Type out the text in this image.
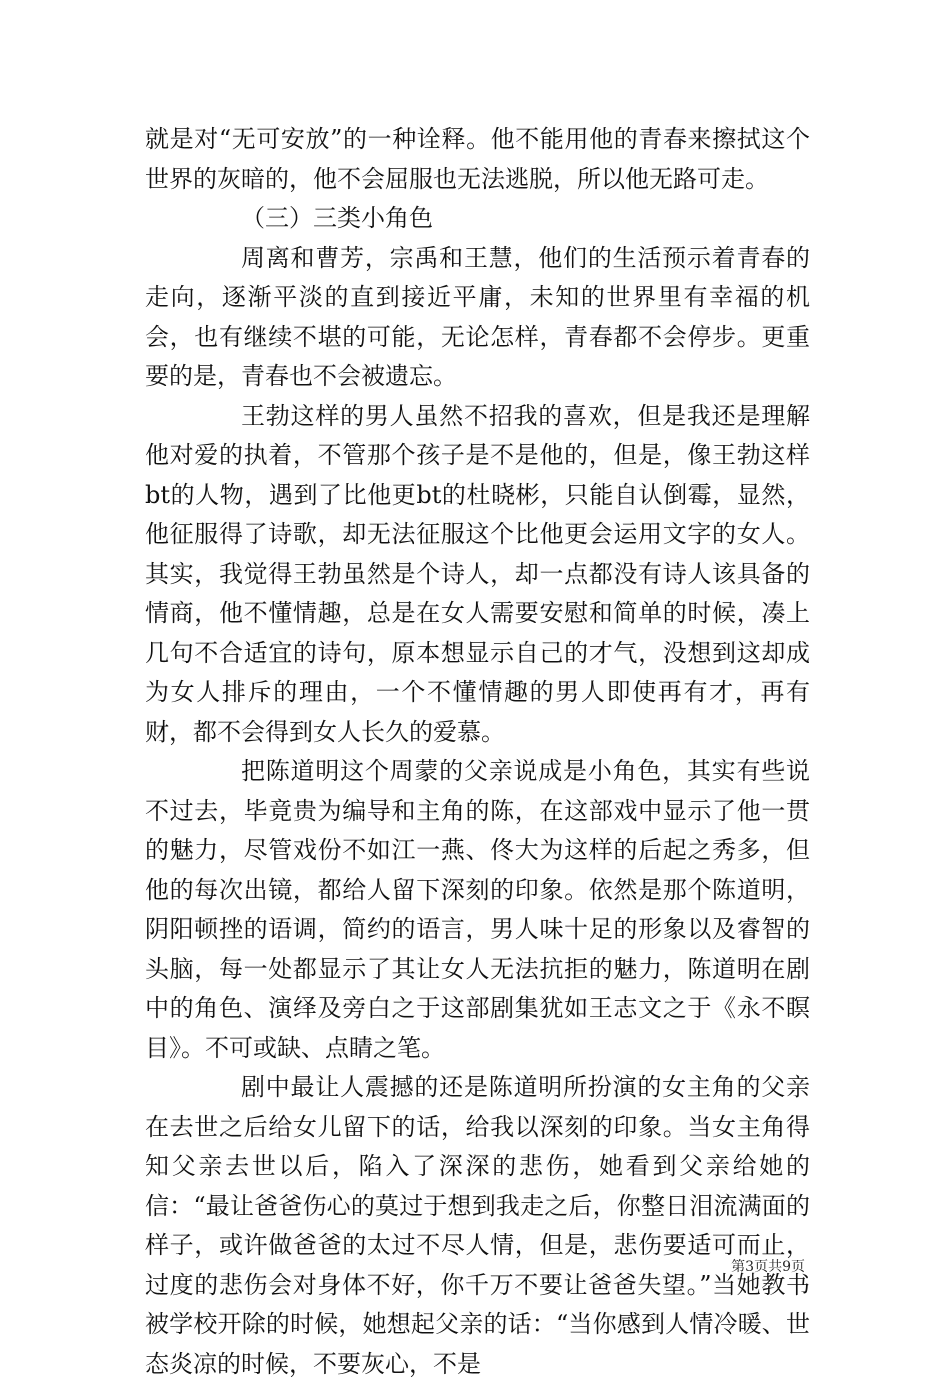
就是对“无可安放”的一种诠释。他不能用他的青春来擦拭这个世界的灰暗的，他不会屈服也无法逃脱，所以他无路可走。

（三）三类小角色

周离和曹芳，宗禹和王慧，他们的生活预示着青春的走向，逐渐平淡的直到接近平庸，未知的世界里有幸福的机会，也有继续不堪的可能，无论怎样，青春都不会停步。更重要的是，青春也不会被遗忘。

王勃这样的男人虽然不招我的喜欢，但是我还是理解他对爱的执着，不管那个孩子是不是他的，但是，像王勃这样bt的人物，遇到了比他更bt的杜晓彬，只能自认倒霉，显然，他征服得了诗歌，却无法征服这个比他更会运用文字的女人。其实，我觉得王勃虽然是个诗人，却一点都没有诗人该具备的情商，他不懂情趣，总是在女人需要安慰和简单的时候，凑上几句不合适宜的诗句，原本想显示自己的才气，没想到这却成为女人排斥的理由，一个不懂情趣的男人即使再有才，再有财，都不会得到女人长久的爱慕。

把陈道明这个周蒙的父亲说成是小角色，其实有些说不过去，毕竟贵为编导和主角的陈，在这部戏中显示了他一贯的魅力，尽管戏份不如江一燕、佟大为这样的后起之秀多，但他的每次出镜，都给人留下深刻的印象。依然是那个陈道明，阴阳顿挫的语调，简约的语言，男人味十足的形象以及睿智的头脑，每一处都显示了其让女人无法抗拒的魅力，陈道明在剧中的角色、演绎及旁白之于这部剧集犹如王志文之于《永不瞑目》。不可或缺、点睛之笔。

剧中最让人震撼的还是陈道明所扮演的女主角的父亲在去世之后给女儿留下的话，给我以深刻的印象。当女主角得知父亲去世以后，陷入了深深的悲伤，她看到父亲给她的信：“最让爸爸伤心的莫过于想到我走之后，你整日泪流满面的样子，或许做爸爸的太过不尽人情，但是，悲伤要适可而止，过度的悲伤会对身体不好，你千万不要让爸爸失望。”当她教书被学校开除的时候，她想起父亲的话：“当你感到人情冷暖、世态炎凉的时候，不要灰心，不是

第3页共9页
